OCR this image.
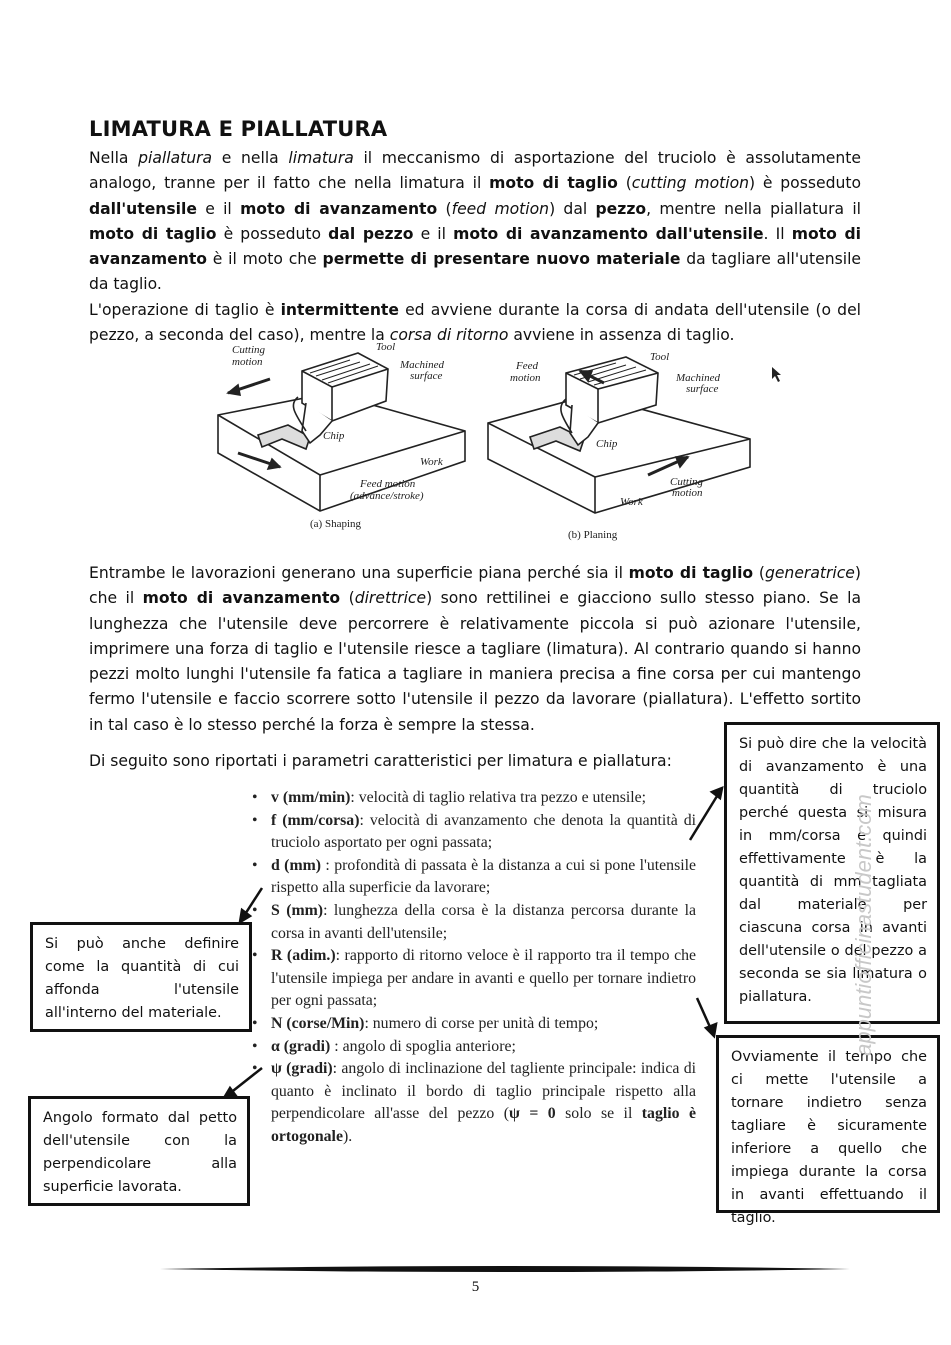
LIMATURA E PIALLATURA
Nella piallatura e nella limatura il meccanismo di asportazione del truciolo è assolutamente analogo, tranne per il fatto che nella limatura il moto di taglio (cutting motion) è posseduto dall'utensile e il moto di avanzamento (feed motion) dal pezzo, mentre nella piallatura il moto di taglio è posseduto dal pezzo e il moto di avanzamento dall'utensile. Il moto di avanzamento è il moto che permette di presentare nuovo materiale da tagliare all'utensile da taglio.
L'operazione di taglio è intermittente ed avviene durante la corsa di andata dell'utensile (o del pezzo, a seconda del caso), mentre la corsa di ritorno avviene in assenza di taglio.
Cutting
motion
Tool
Machined
surface
Chip
Work
Feed motion
(advance/stroke)
(a) Shaping
Feed
motion
Tool
Machined
surface
Chip
Cutting
motion
Work
(b) Planing
Entrambe le lavorazioni generano una superficie piana perché sia il moto di taglio (generatrice) che il moto di avanzamento (direttrice) sono rettilinei e giacciono sullo stesso piano. Se la lunghezza che l'utensile deve percorrere è relativamente piccola si può azionare l'utensile, imprimere una forza di taglio e l'utensile riesce a tagliare (limatura). Al contrario quando si hanno pezzi molto lunghi l'utensile fa fatica a tagliare in maniera precisa a fine corsa per cui mantengo fermo l'utensile e faccio scorrere sotto l'utensile il pezzo da lavorare (piallatura). L'effetto sortito in tal caso è lo stesso perché la forza è sempre la stessa.
Di seguito sono riportati i parametri caratteristici per limatura e piallatura:
• v (mm/min): velocità di taglio relativa tra pezzo e utensile;
• f (mm/corsa): velocità di avanzamento che denota la quantità di truciolo asportato per ogni passata;
• d (mm) : profondità di passata è la distanza a cui si pone l'utensile rispetto alla superficie da lavorare;
• S (mm): lunghezza della corsa è la distanza percorsa durante la corsa in avanti dell'utensile;
• R (adim.): rapporto di ritorno veloce è il rapporto tra il tempo che l'utensile impiega per andare in avanti e quello per tornare indietro per ogni passata;
• N (corse/Min): numero di corse per unità di tempo;
• α (gradi) : angolo di spoglia anteriore;
• ψ (gradi): angolo di inclinazione del tagliente principale: indica di quanto è inclinato il bordo di taglio principale rispetto alla perpendicolare all'asse del pezzo (ψ = 0 solo se il taglio è ortogonale).
Si può dire che la velocità di avanzamento è una quantità di truciolo perché questa si misura in mm/corsa e quindi effettivamente è la quantità di mm tagliata dal materiale per ciascuna corsa in avanti dell'utensile o del pezzo a seconda se sia limatura o piallatura.
Si può anche definire come la quantità di cui affonda l'utensile all'interno del materiale.
Ovviamente il tempo che ci mette l'utensile a tornare indietro senza tagliare è sicuramente inferiore a quello che impiega durante la corsa in avanti effettuando il taglio.
Angolo formato dal petto dell'utensile con la perpendicolare alla superficie lavorata.
appuntiofficinastudent.com
5
